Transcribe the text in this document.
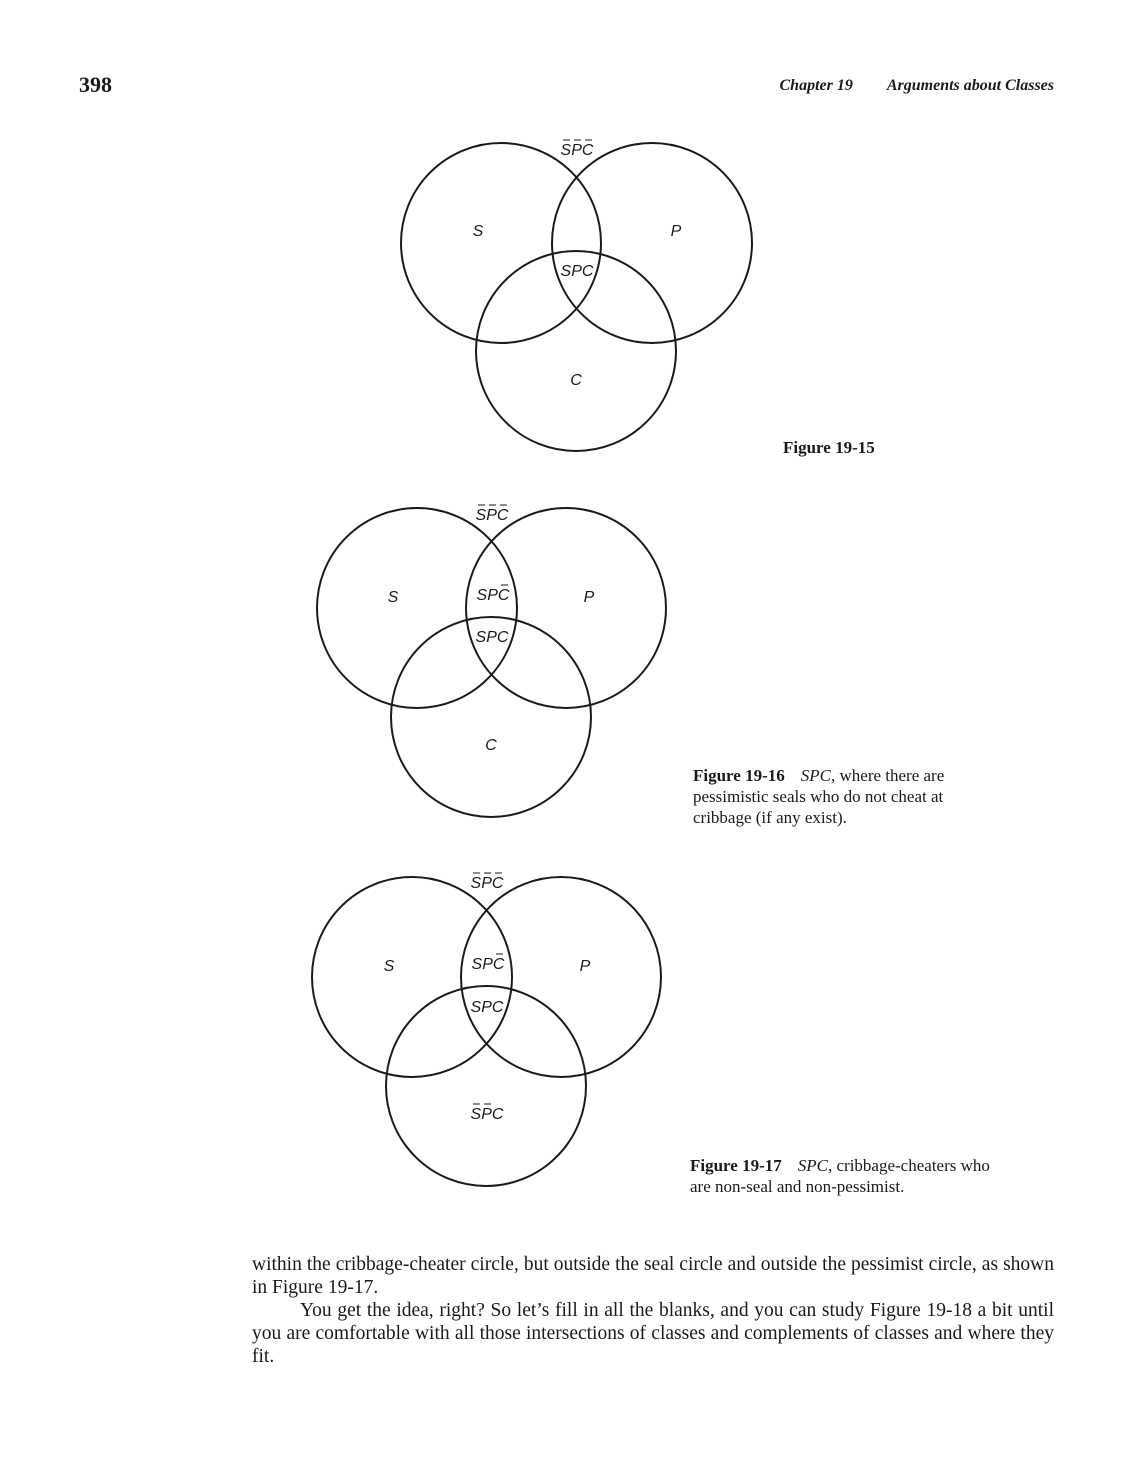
398	Chapter 19 Arguments about Classes
SPC
S	P
SPC
C
Figure 19-15
SPC
S	P
SPC
SPC
C
Figure 19-16 SPC, where there are pessimistic seals who do not cheat at cribbage (if any exist).
SPC
S	P
SPC
SPC
SPC
Figure 19-17 SPC, cribbage-cheaters who are non-seal and non-pessimist.

within the cribbage-cheater circle, but outside the seal circle and outside the pessimist circle, as shown in Figure 19-17.

You get the idea, right? So let’s fill in all the blanks, and you can study Figure 19-18 a bit until you are comfortable with all those intersections of classes and complements of classes and where they fit.
